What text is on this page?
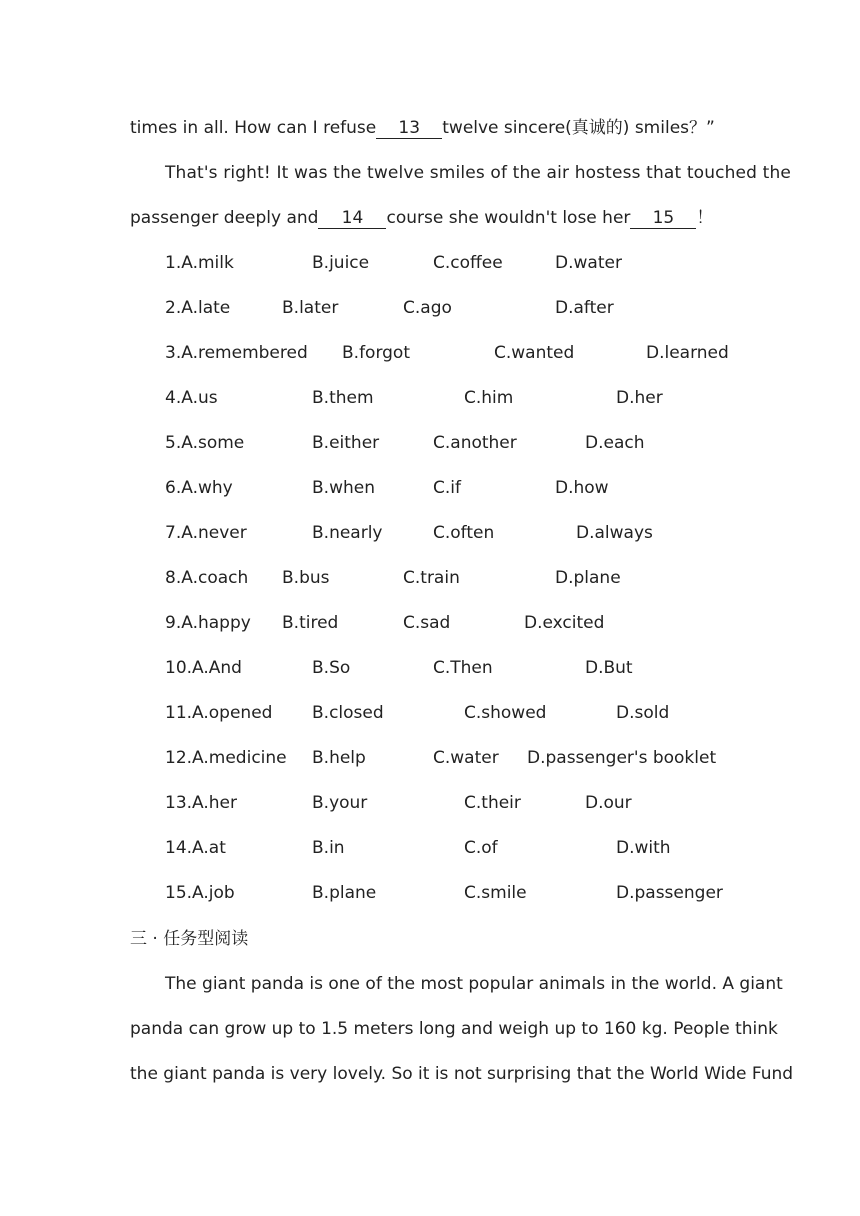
times in all. How can I refuse 13 twelve sincere(真诚的) smiles？”
That's right! It was the twelve smiles of the air hostess that touched the
passenger deeply and 14 course she wouldn't lose her 15 ！
1.A.milk	B.juice	C.coffee	D.water
2.A.late	B.later	C.ago	D.after
3.A.remembered B.forgot	C.wanted	D.learned
4.A.us	B.them	C.him	D.her
5.A.some	B.either	C.another	D.each
6.A.why	B.when	C.if	D.how
7.A.never	B.nearly	C.often	D.always
8.A.coach B.bus	C.train	D.plane
9.A.happy B.tired	C.sad	D.excited
10.A.And	B.So	C.Then	D.But
11.A.opened B.closed	C.showed	D.sold
12.A.medicine B.help	C.water D.passenger's booklet
13.A.her	B.your	C.their	D.our
14.A.at	B.in	C.of	D.with
15.A.job	B.plane	C.smile	D.passenger
三 · 任务型阅读
The giant panda is one of the most popular animals in the world. A giant
panda can grow up to 1.5 meters long and weigh up to 160 kg. People think
the giant panda is very lovely. So it is not surprising that the World Wide Fund
